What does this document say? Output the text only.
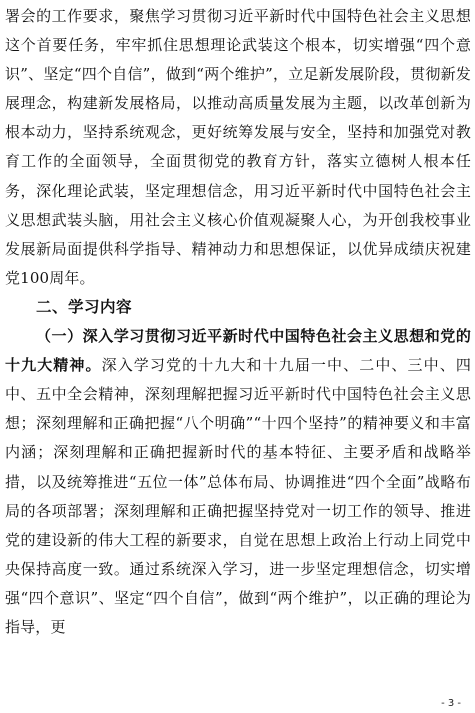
署会的工作要求，聚焦学习贯彻习近平新时代中国特色社会主义思想这个首要任务，牢牢抓住思想理论武装这个根本，切实增强“四个意识”、坚定“四个自信”，做到“两个维护”，立足新发展阶段，贯彻新发展理念，构建新发展格局，以推动高质量发展为主题，以改革创新为根本动力，坚持系统观念，更好统筹发展与安全，坚持和加强党对教育工作的全面领导，全面贯彻党的教育方针，落实立德树人根本任务，深化理论武装，坚定理想信念，用习近平新时代中国特色社会主义思想武装头脑，用社会主义核心价值观凝聚人心，为开创我校事业发展新局面提供科学指导、精神动力和思想保证，以优异成绩庆祝建党100周年。

二、学习内容

（一）深入学习贯彻习近平新时代中国特色社会主义思想和党的十九大精神。深入学习党的十九大和十九届一中、二中、三中、四中、五中全会精神，深刻理解把握习近平新时代中国特色社会主义思想；深刻理解和正确把握“八个明确”“十四个坚持”的精神要义和丰富内涵；深刻理解和正确把握新时代的基本特征、主要矛盾和战略举措，以及统筹推进“五位一体”总体布局、协调推进“四个全面”战略布局的各项部署；深刻理解和正确把握坚持党对一切工作的领导、推进党的建设新的伟大工程的新要求，自觉在思想上政治上行动上同党中央保持高度一致。通过系统深入学习，进一步坚定理想信念，切实增强“四个意识”、坚定“四个自信”，做到“两个维护”，以正确的理论为指导，更

- 3 -
